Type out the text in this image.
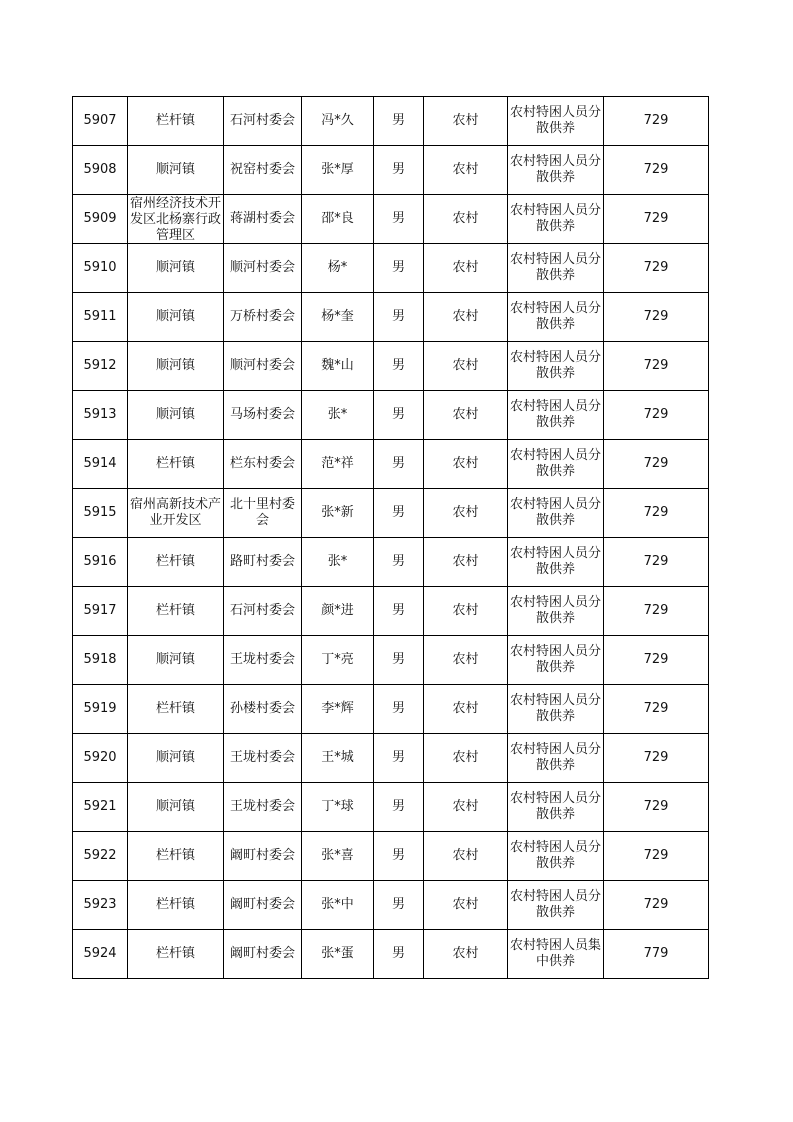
5907	栏杆镇	石河村委会	冯*久	男	农村	农村特困人员分散供养	729
5908	顺河镇	祝窑村委会	张*厚	男	农村	农村特困人员分散供养	729
5909	宿州经济技术开发区北杨寨行政管理区	蒋湖村委会	邵*良	男	农村	农村特困人员分散供养	729
5910	顺河镇	顺河村委会	杨*	男	农村	农村特困人员分散供养	729
5911	顺河镇	万桥村委会	杨*奎	男	农村	农村特困人员分散供养	729
5912	顺河镇	顺河村委会	魏*山	男	农村	农村特困人员分散供养	729
5913	顺河镇	马场村委会	张*	男	农村	农村特困人员分散供养	729
5914	栏杆镇	栏东村委会	范*祥	男	农村	农村特困人员分散供养	729
5915	宿州高新技术产业开发区	北十里村委会	张*新	男	农村	农村特困人员分散供养	729
5916	栏杆镇	路町村委会	张*	男	农村	农村特困人员分散供养	729
5917	栏杆镇	石河村委会	颜*进	男	农村	农村特困人员分散供养	729
5918	顺河镇	王垅村委会	丁*亮	男	农村	农村特困人员分散供养	729
5919	栏杆镇	孙楼村委会	李*辉	男	农村	农村特困人员分散供养	729
5920	顺河镇	王垅村委会	王*城	男	农村	农村特困人员分散供养	729
5921	顺河镇	王垅村委会	丁*球	男	农村	农村特困人员分散供养	729
5922	栏杆镇	阚町村委会	张*喜	男	农村	农村特困人员分散供养	729
5923	栏杆镇	阚町村委会	张*中	男	农村	农村特困人员分散供养	729
5924	栏杆镇	阚町村委会	张*蛋	男	农村	农村特困人员集中供养	779
